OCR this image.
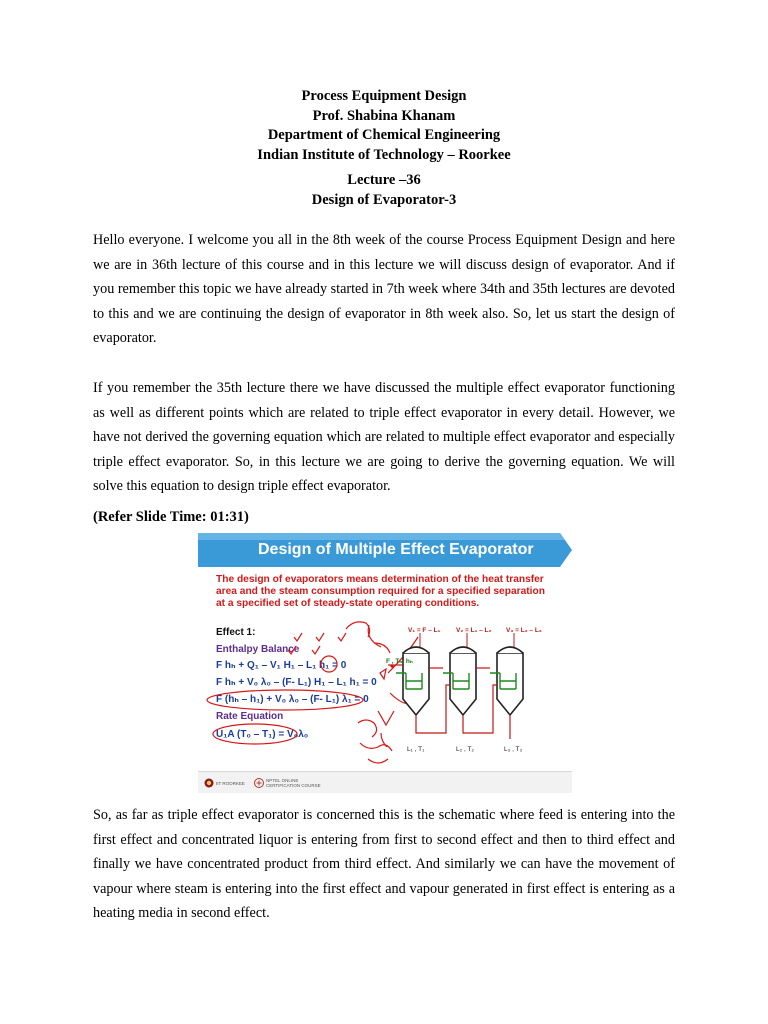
Process Equipment Design
Prof. Shabina Khanam
Department of Chemical Engineering
Indian Institute of Technology – Roorkee
Lecture –36
Design of Evaporator-3

Hello everyone. I welcome you all in the 8th week of the course Process Equipment Design and here we are in 36th lecture of this course and in this lecture we will discuss design of evaporator. And if you remember this topic we have already started in 7th week where 34th and 35th lectures are devoted to this and we are continuing the design of evaporator in 8th week also. So, let us start the design of evaporator.

If you remember the 35th lecture there we have discussed the multiple effect evaporator functioning as well as different points which are related to triple effect evaporator in every detail. However, we have not derived the governing equation which are related to multiple effect evaporator and especially triple effect evaporator. So, in this lecture we are going to derive the governing equation. We will solve this equation to design triple effect evaporator.

(Refer Slide Time: 01:31)
Design of Multiple Effect Evaporator
The design of evaporators means determination of the heat transfer area and the steam consumption required for a specified separation at a specified set of steady-state operating conditions.
Effect 1:
Enthalpy Balance
F hₕ + Q₁ – V₁ H₁ – L₁ h₁ = 0
F hₕ + V₀ λ₀ – (F- L₁) H₁ – L₁ h₁ = 0
F (hₕ – h₁) + V₀ λ₀ – (F- L₁) λ₁ = 0
Rate Equation
U₁A (T₀ – T₁) = V₀λ₀
V₁ = F – L₁ V₂ = L₁ – L₂ V₃ = L₂ – L₃
F , Tₕ, hₕ
L₁ , T₁	L₂ , T₂	L₃ , T₃
IIT ROORKEE
NPTEL ONLINE
CERTIFICATION COURSE

So, as far as triple effect evaporator is concerned this is the schematic where feed is entering into the first effect and concentrated liquor is entering from first to second effect and then to third effect and finally we have concentrated product from third effect. And similarly we can have the movement of vapour where steam is entering into the first effect and vapour generated in first effect is entering as a heating media in second effect.
